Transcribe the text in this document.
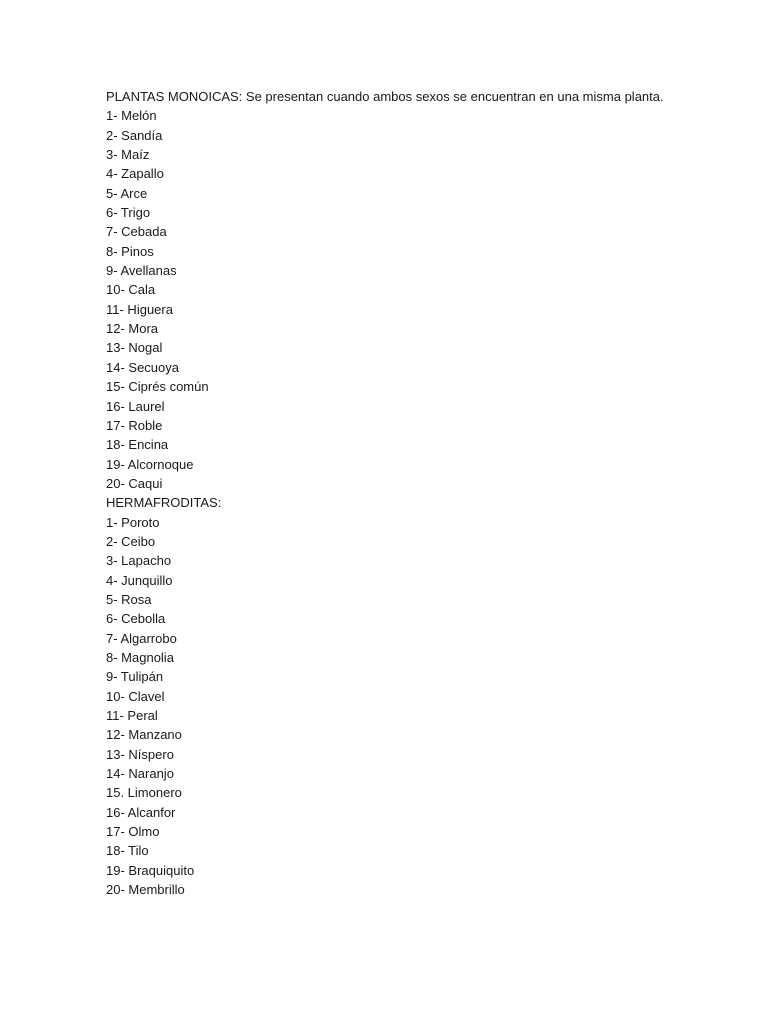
PLANTAS MONOICAS: Se presentan cuando ambos sexos se encuentran en una misma planta.
1- Melón
2- Sandía
3- Maíz
4- Zapallo
5- Arce
6- Trigo
7- Cebada
8- Pinos
9- Avellanas
10- Cala
11- Higuera
12- Mora
13- Nogal
14- Secuoya
15- Ciprés común
16- Laurel
17- Roble
18- Encina
19- Alcornoque
20- Caqui
HERMAFRODITAS:
1- Poroto
2- Ceibo
3- Lapacho
4- Junquillo
5- Rosa
6- Cebolla
7- Algarrobo
8- Magnolia
9- Tulipán
10- Clavel
11- Peral
12- Manzano
13- Níspero
14- Naranjo
15. Limonero
16- Alcanfor
17- Olmo
18- Tilo
19- Braquiquito
20- Membrillo
